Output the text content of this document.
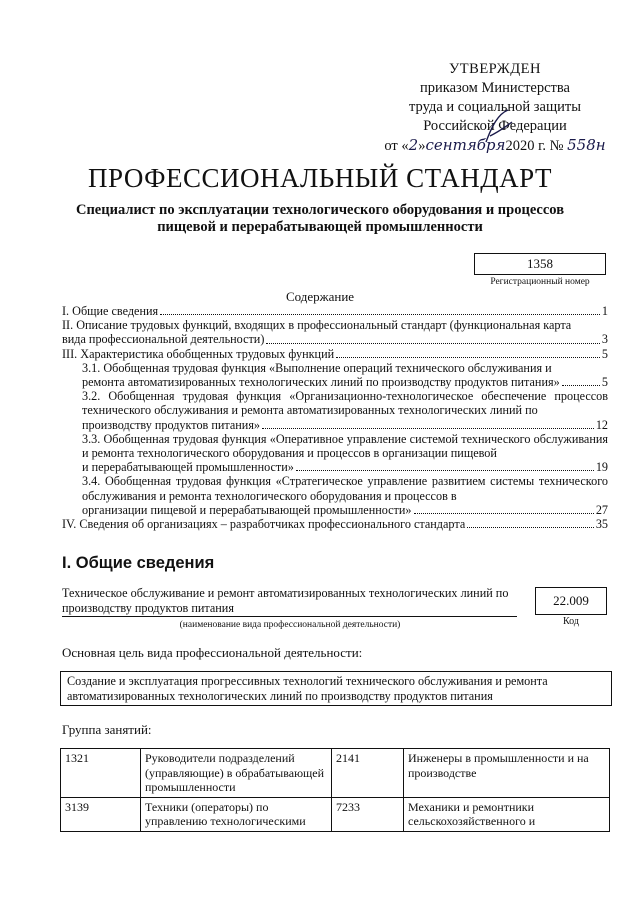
УТВЕРЖДЕН
приказом Министерства
труда и социальной защиты
Российской Федерации
от «2»сентября2020 г. № 558н
ПРОФЕССИОНАЛЬНЫЙ СТАНДАРТ
Специалист по эксплуатации технологического оборудования и процессов
пищевой и перерабатывающей промышленности
1358
Регистрационный номер
Содержание
I. Общие сведения	1
II. Описание трудовых функций, входящих в профессиональный стандарт (функциональная карта
вида профессиональной деятельности)	3
III. Характеристика обобщенных трудовых функций	5
3.1. Обобщенная трудовая функция «Выполнение операций технического обслуживания и
ремонта автоматизированных технологических линий по производству продуктов питания»	5
3.2. Обобщенная трудовая функция «Организационно-технологическое обеспечение процессов технического обслуживания и ремонта автоматизированных технологических линий по
производству продуктов питания»	12
3.3. Обобщенная трудовая функция «Оперативное управление системой технического обслуживания и ремонта технологического оборудования и процессов в организации пищевой
и перерабатывающей промышленности»	19
3.4. Обобщенная трудовая функция «Стратегическое управление развитием системы технического обслуживания и ремонта технологического оборудования и процессов в
организации пищевой и перерабатывающей промышленности»	27
IV. Сведения об организациях – разработчиках профессионального стандарта	35
I. Общие сведения
Техническое обслуживание и ремонт автоматизированных технологических линий по производству продуктов питания	22.009
(наименование вида профессиональной деятельности)	Код
Основная цель вида профессиональной деятельности:
Создание и эксплуатация прогрессивных технологий технического обслуживания и ремонта автоматизированных технологических линий по производству продуктов питания
Группа занятий:
1321	Руководители подразделений (управляющие) в обрабатывающей промышленности	2141	Инженеры в промышленности и на производстве
3139	Техники (операторы) по управлению технологическими	7233	Механики и ремонтники сельскохозяйственного и
